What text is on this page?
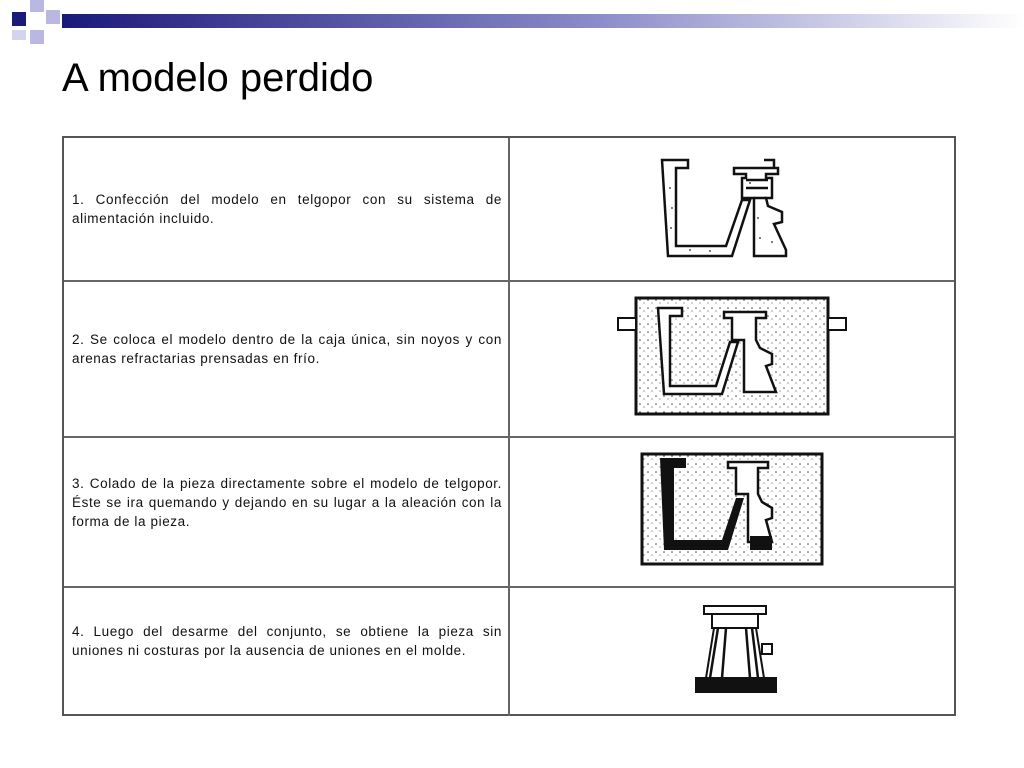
A modelo perdido

1. Confección del modelo en telgopor con su sistema de alimentación incluido.

2. Se coloca el modelo dentro de la caja única, sin noyos y con arenas refractarias prensadas en frío.

3. Colado de la pieza directamente sobre el modelo de telgopor. Éste se ira quemando y dejando en su lugar a la aleación con la forma de la pieza.

4. Luego del desarme del conjunto, se obtiene la pieza sin uniones ni costuras por la ausencia de uniones en el molde.
